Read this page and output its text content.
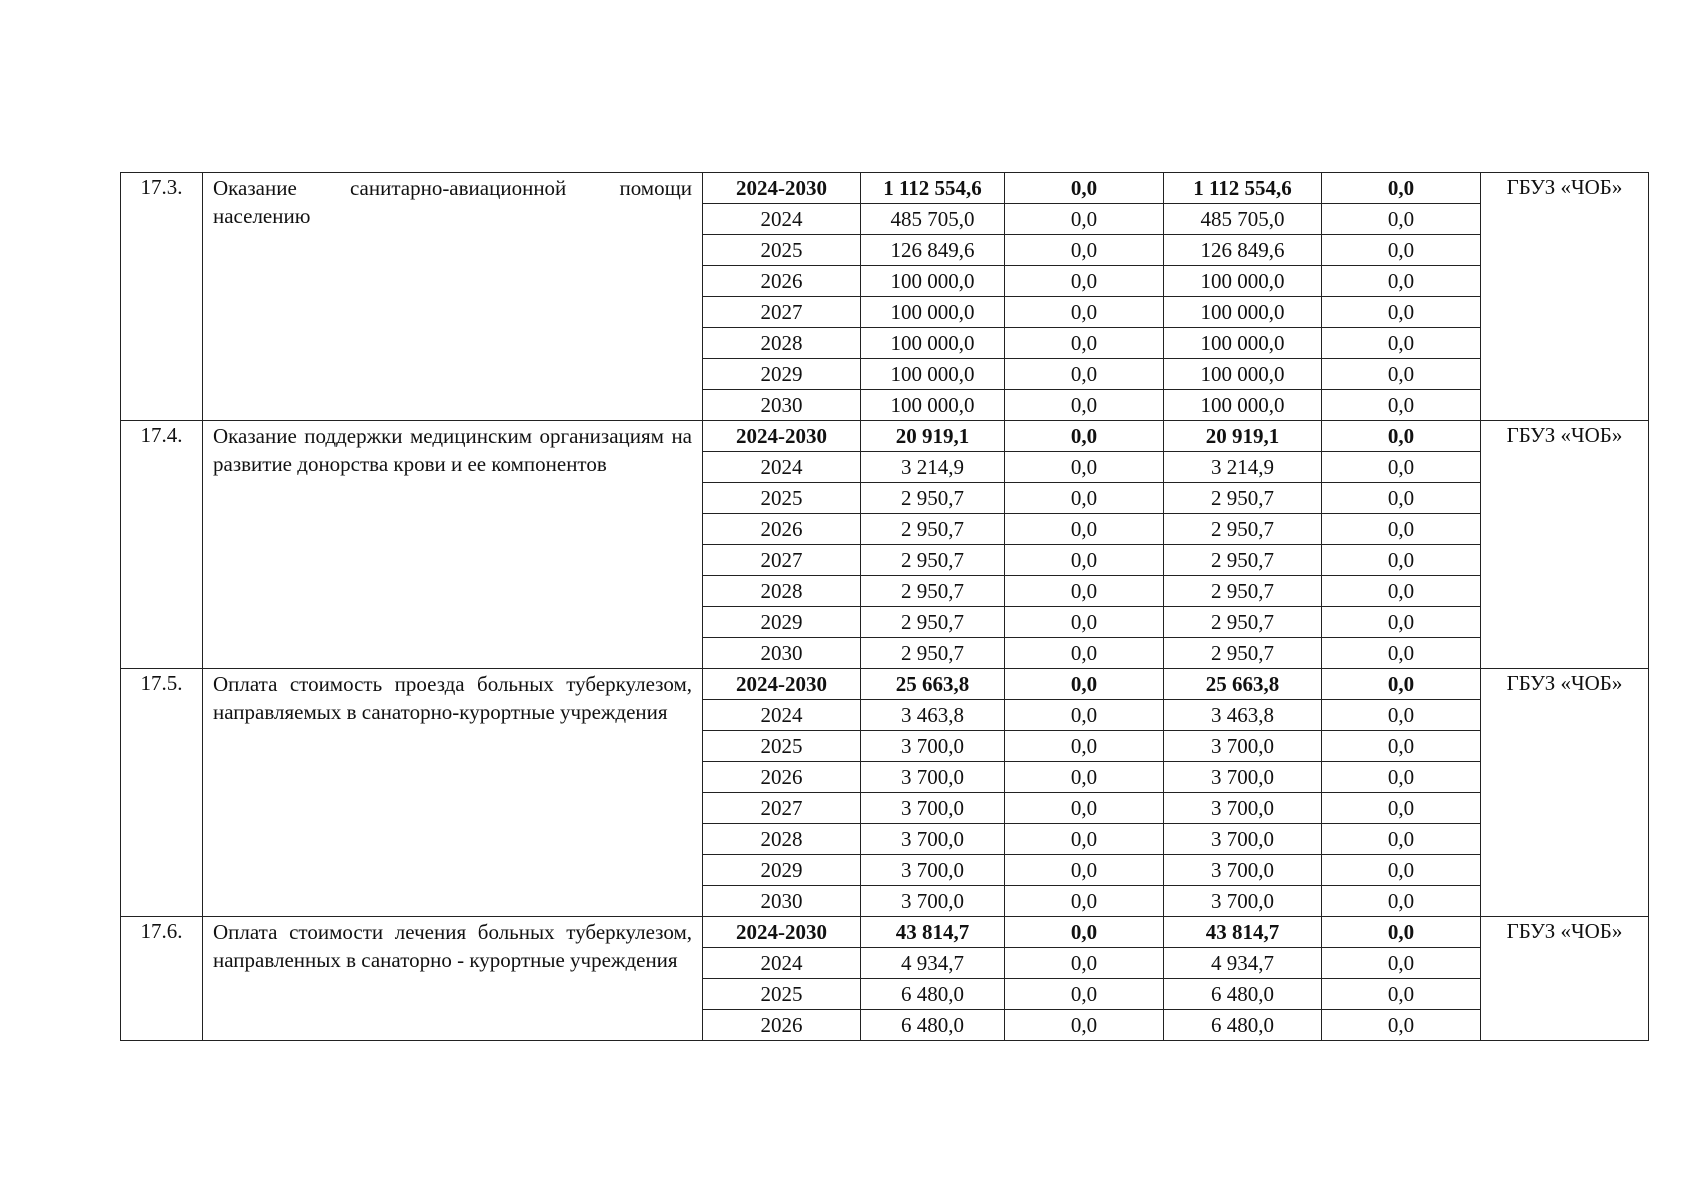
17.3.	Оказание санитарно-авиационной помощи населению	2024-2030	1 112 554,6	0,0	1 112 554,6	0,0	ГБУЗ «ЧОБ»
		2024	485 705,0	0,0	485 705,0	0,0	
		2025	126 849,6	0,0	126 849,6	0,0	
		2026	100 000,0	0,0	100 000,0	0,0	
		2027	100 000,0	0,0	100 000,0	0,0	
		2028	100 000,0	0,0	100 000,0	0,0	
		2029	100 000,0	0,0	100 000,0	0,0	
		2030	100 000,0	0,0	100 000,0	0,0	
17.4.	Оказание поддержки медицинским организациям на развитие донорства крови и ее компонентов	2024-2030	20 919,1	0,0	20 919,1	0,0	ГБУЗ «ЧОБ»
		2024	3 214,9	0,0	3 214,9	0,0	
		2025	2 950,7	0,0	2 950,7	0,0	
		2026	2 950,7	0,0	2 950,7	0,0	
		2027	2 950,7	0,0	2 950,7	0,0	
		2028	2 950,7	0,0	2 950,7	0,0	
		2029	2 950,7	0,0	2 950,7	0,0	
		2030	2 950,7	0,0	2 950,7	0,0	
17.5.	Оплата стоимость проезда больных туберкулезом, направляемых в санаторно-курортные учреждения	2024-2030	25 663,8	0,0	25 663,8	0,0	ГБУЗ «ЧОБ»
		2024	3 463,8	0,0	3 463,8	0,0	
		2025	3 700,0	0,0	3 700,0	0,0	
		2026	3 700,0	0,0	3 700,0	0,0	
		2027	3 700,0	0,0	3 700,0	0,0	
		2028	3 700,0	0,0	3 700,0	0,0	
		2029	3 700,0	0,0	3 700,0	0,0	
		2030	3 700,0	0,0	3 700,0	0,0	
17.6.	Оплата стоимости лечения больных туберкулезом, направленных в санаторно - курортные учреждения	2024-2030	43 814,7	0,0	43 814,7	0,0	ГБУЗ «ЧОБ»
		2024	4 934,7	0,0	4 934,7	0,0	
		2025	6 480,0	0,0	6 480,0	0,0	
		2026	6 480,0	0,0	6 480,0	0,0	
